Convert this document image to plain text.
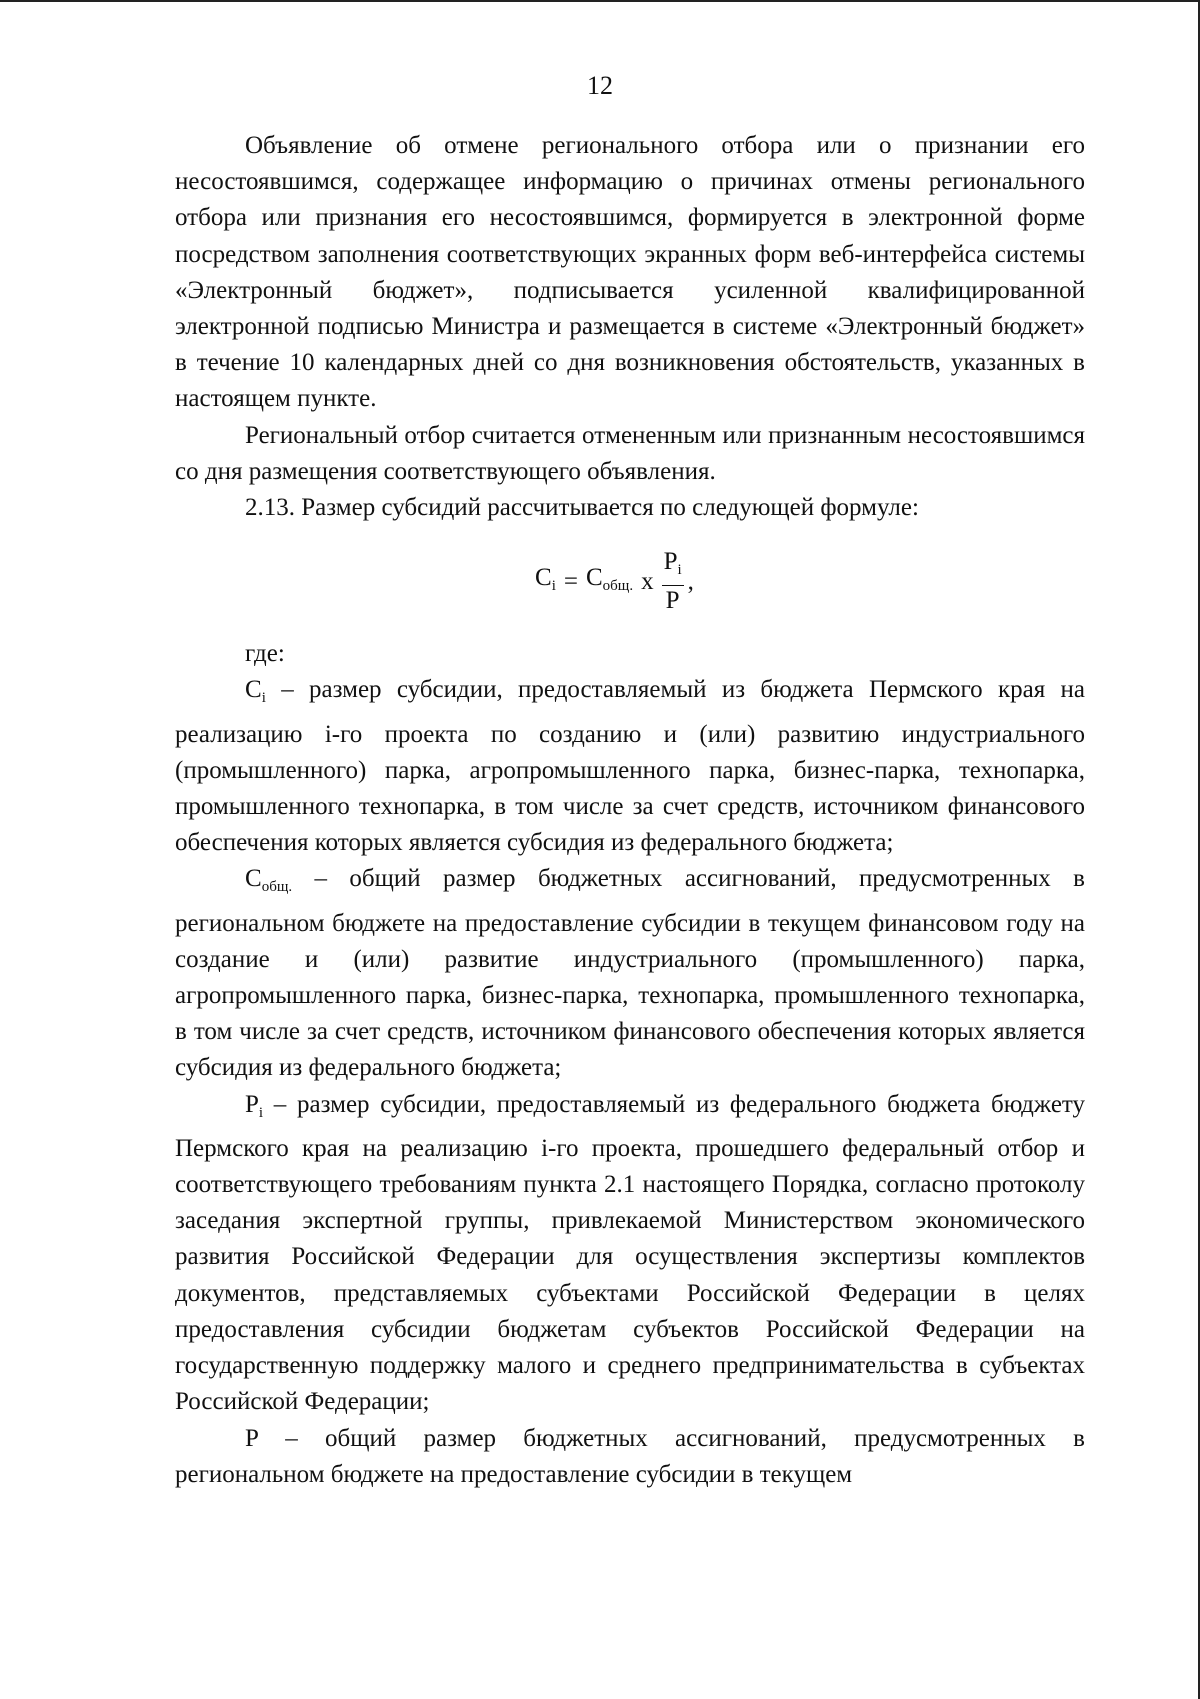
12

Объявление об отмене регионального отбора или о признании его несостоявшимся, содержащее информацию о причинах отмены регионального отбора или признания его несостоявшимся, формируется в электронной форме посредством заполнения соответствующих экранных форм веб-интерфейса системы «Электронный бюджет», подписывается усиленной квалифицированной электронной подписью Министра и размещается в системе «Электронный бюджет» в течение 10 календарных дней со дня возникновения обстоятельств, указанных в настоящем пункте.

Региональный отбор считается отмененным или признанным несостоявшимся со дня размещения соответствующего объявления.

2.13. Размер субсидий рассчитывается по следующей формуле:

$C_i = C_{общ.}$ x $\frac{P_i}{P}$ ,

где:

$C_i$ – размер субсидии, предоставляемый из бюджета Пермского края на реализацию i-го проекта по созданию и (или) развитию индустриального (промышленного) парка, агропромышленного парка, бизнес-парка, технопарка, промышленного технопарка, в том числе за счет средств, источником финансового обеспечения которых является субсидия из федерального бюджета;

$C_{общ.}$ – общий размер бюджетных ассигнований, предусмотренных в региональном бюджете на предоставление субсидии в текущем финансовом году на создание и (или) развитие индустриального (промышленного) парка, агропромышленного парка, бизнес-парка, технопарка, промышленного технопарка, в том числе за счет средств, источником финансового обеспечения которых является субсидия из федерального бюджета;

$P_i$ – размер субсидии, предоставляемый из федерального бюджета бюджету Пермского края на реализацию i-го проекта, прошедшего федеральный отбор и соответствующего требованиям пункта 2.1 настоящего Порядка, согласно протоколу заседания экспертной группы, привлекаемой Министерством экономического развития Российской Федерации для осуществления экспертизы комплектов документов, представляемых субъектами Российской Федерации в целях предоставления субсидии бюджетам субъектов Российской Федерации на государственную поддержку малого и среднего предпринимательства в субъектах Российской Федерации;

P – общий размер бюджетных ассигнований, предусмотренных в региональном бюджете на предоставление субсидии в текущем
